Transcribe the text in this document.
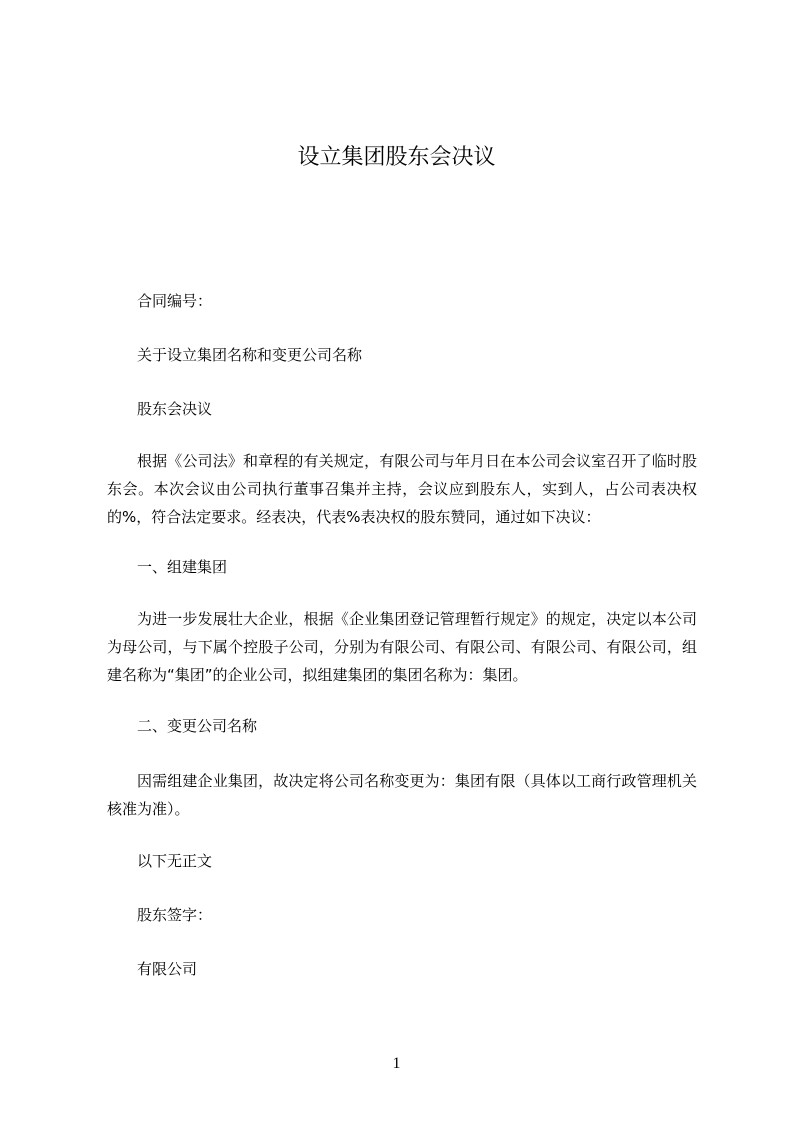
设立集团股东会决议
合同编号：
关于设立集团名称和变更公司名称
股东会决议
根据《公司法》和章程的有关规定，有限公司与年月日在本公司会议室召开了临时股东会。本次会议由公司执行董事召集并主持，会议应到股东人，实到人，占公司表决权的%，符合法定要求。经表决，代表%表决权的股东赞同，通过如下决议：
一、组建集团
为进一步发展壮大企业，根据《企业集团登记管理暂行规定》的规定，决定以本公司为母公司，与下属个控股子公司，分别为有限公司、有限公司、有限公司、有限公司，组建名称为“集团”的企业公司，拟组建集团的集团名称为：集团。
二、变更公司名称
因需组建企业集团，故决定将公司名称变更为：集团有限（具体以工商行政管理机关核准为准）。
以下无正文
股东签字：
有限公司
1
